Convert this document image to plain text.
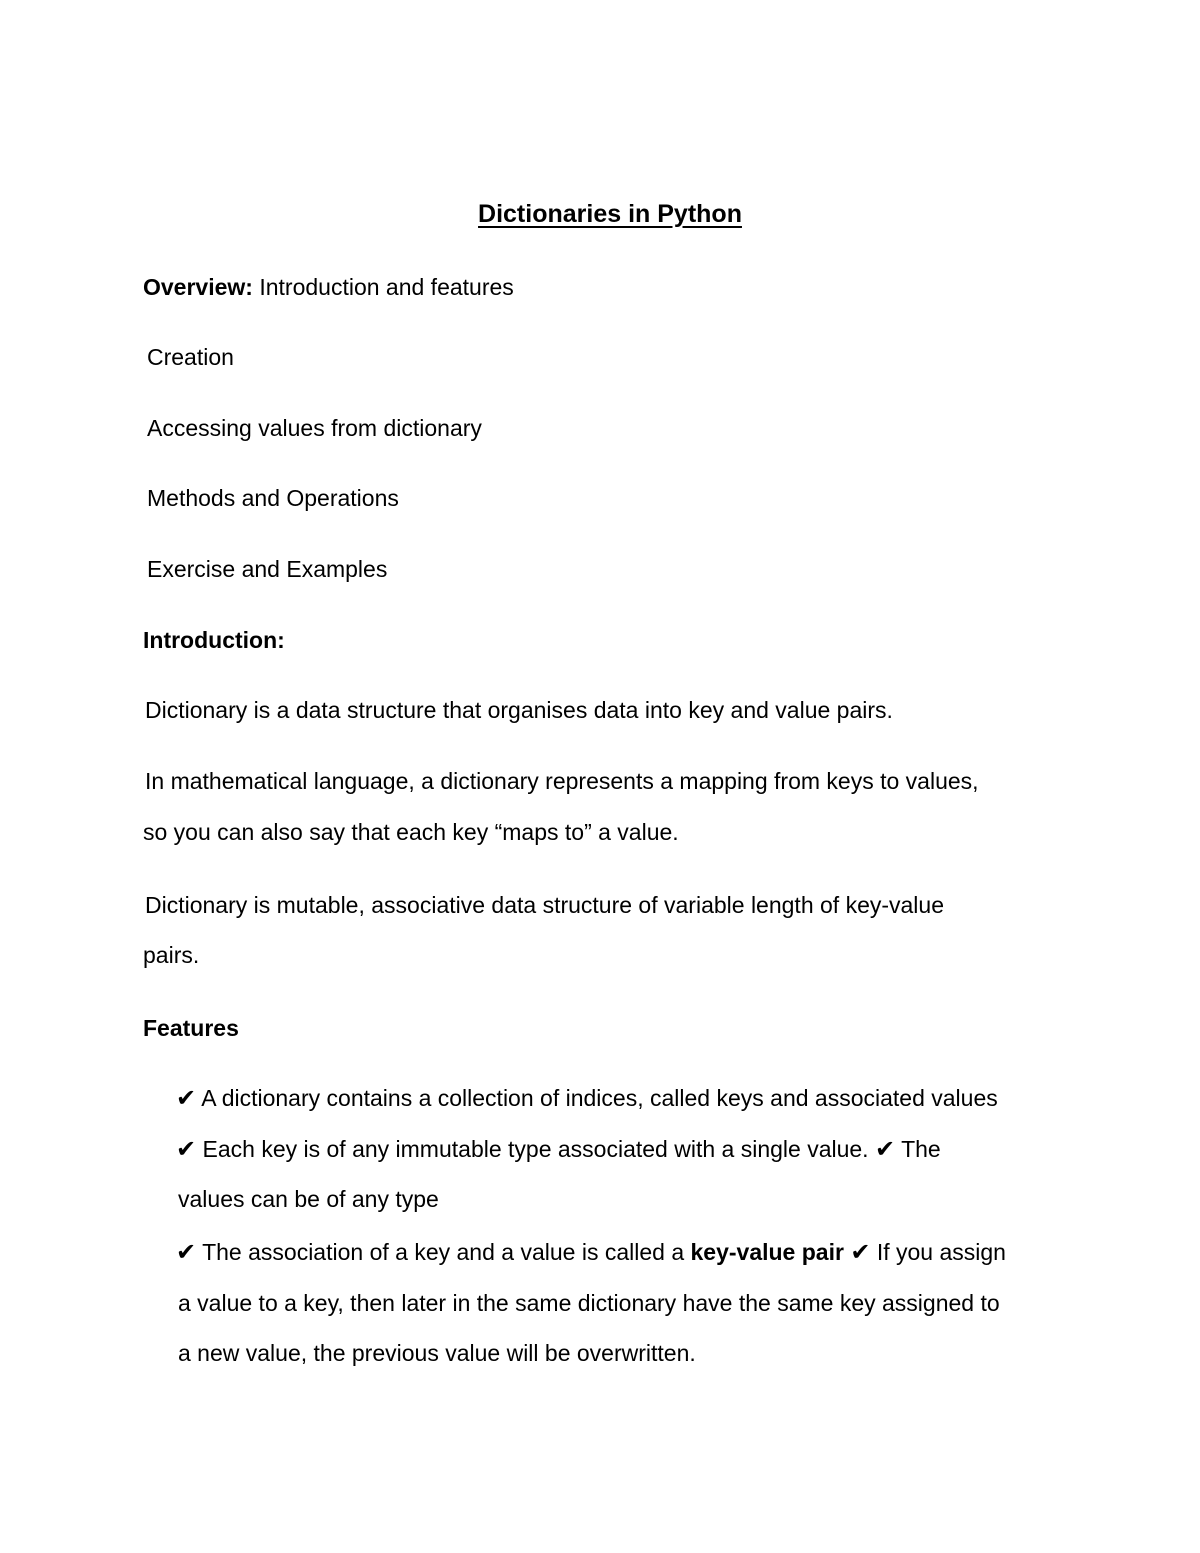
Dictionaries in Python
Overview: Introduction and features
Creation
Accessing values from dictionary
Methods and Operations
Exercise and Examples
Introduction:
Dictionary is a data structure that organises data into key and value pairs.
In mathematical language, a dictionary represents a mapping from keys to values,
so you can also say that each key “maps to” a value.
Dictionary is mutable, associative data structure of variable length of key-value
pairs.
Features
✔ A dictionary contains a collection of indices, called keys and associated values
✔ Each key is of any immutable type associated with a single value. ✔ The
values can be of any type
✔ The association of a key and a value is called a key-value pair ✔ If you assign
a value to a key, then later in the same dictionary have the same key assigned to
a new value, the previous value will be overwritten.
